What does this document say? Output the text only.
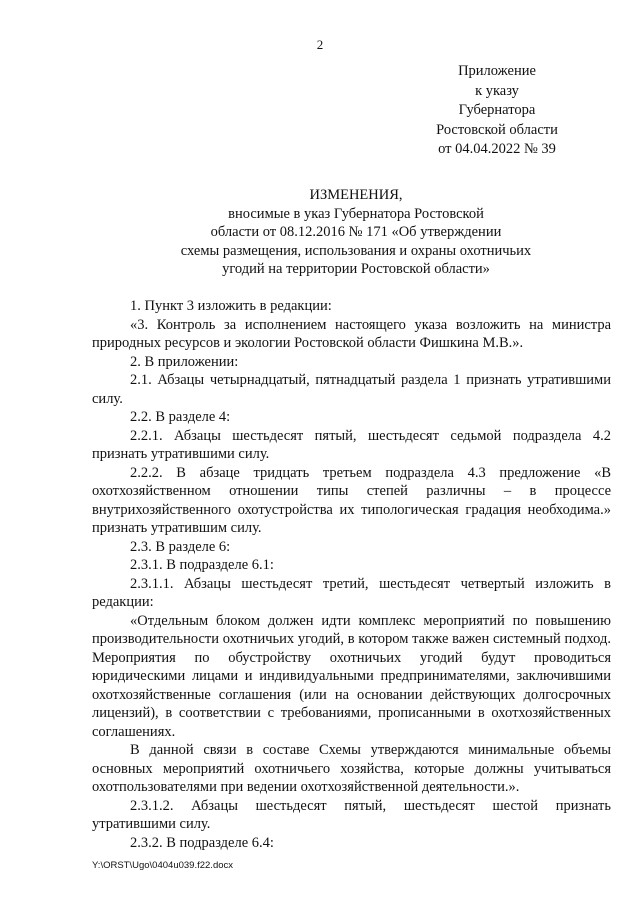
2
Приложение
к указу
Губернатора
Ростовской области
от 04.04.2022 № 39
ИЗМЕНЕНИЯ,
вносимые в указ Губернатора Ростовской
области от 08.12.2016 № 171 «Об утверждении
схемы размещения, использования и охраны охотничьих
угодий на территории Ростовской области»

1. Пункт 3 изложить в редакции:

«3. Контроль за исполнением настоящего указа возложить на министра природных ресурсов и экологии Ростовской области Фишкина М.В.».

2. В приложении:

2.1. Абзацы четырнадцатый, пятнадцатый раздела 1 признать утратившими силу.

2.2. В разделе 4:

2.2.1. Абзацы шестьдесят пятый, шестьдесят седьмой подраздела 4.2 признать утратившими силу.

2.2.2. В абзаце тридцать третьем подраздела 4.3 предложение «В охотхозяйственном отношении типы степей различны – в процессе внутрихозяйственного охотустройства их типологическая градация необходима.» признать утратившим силу.

2.3. В разделе 6:

2.3.1. В подразделе 6.1:

2.3.1.1. Абзацы шестьдесят третий, шестьдесят четвертый изложить в редакции:

«Отдельным блоком должен идти комплекс мероприятий по повышению производительности охотничьих угодий, в котором также важен системный подход. Мероприятия по обустройству охотничьих угодий будут проводиться юридическими лицами и индивидуальными предпринимателями, заключившими охотхозяйственные соглашения (или на основании действующих долгосрочных лицензий), в соответствии с требованиями, прописанными в охотхозяйственных соглашениях.

В данной связи в составе Схемы утверждаются минимальные объемы основных мероприятий охотничьего хозяйства, которые должны учитываться охотпользователями при ведении охотхозяйственной деятельности.».

2.3.1.2. Абзацы шестьдесят пятый, шестьдесят шестой признать утратившими силу.

2.3.2. В подразделе 6.4:

Y:\ORST\Ugo\0404u039.f22.docx
